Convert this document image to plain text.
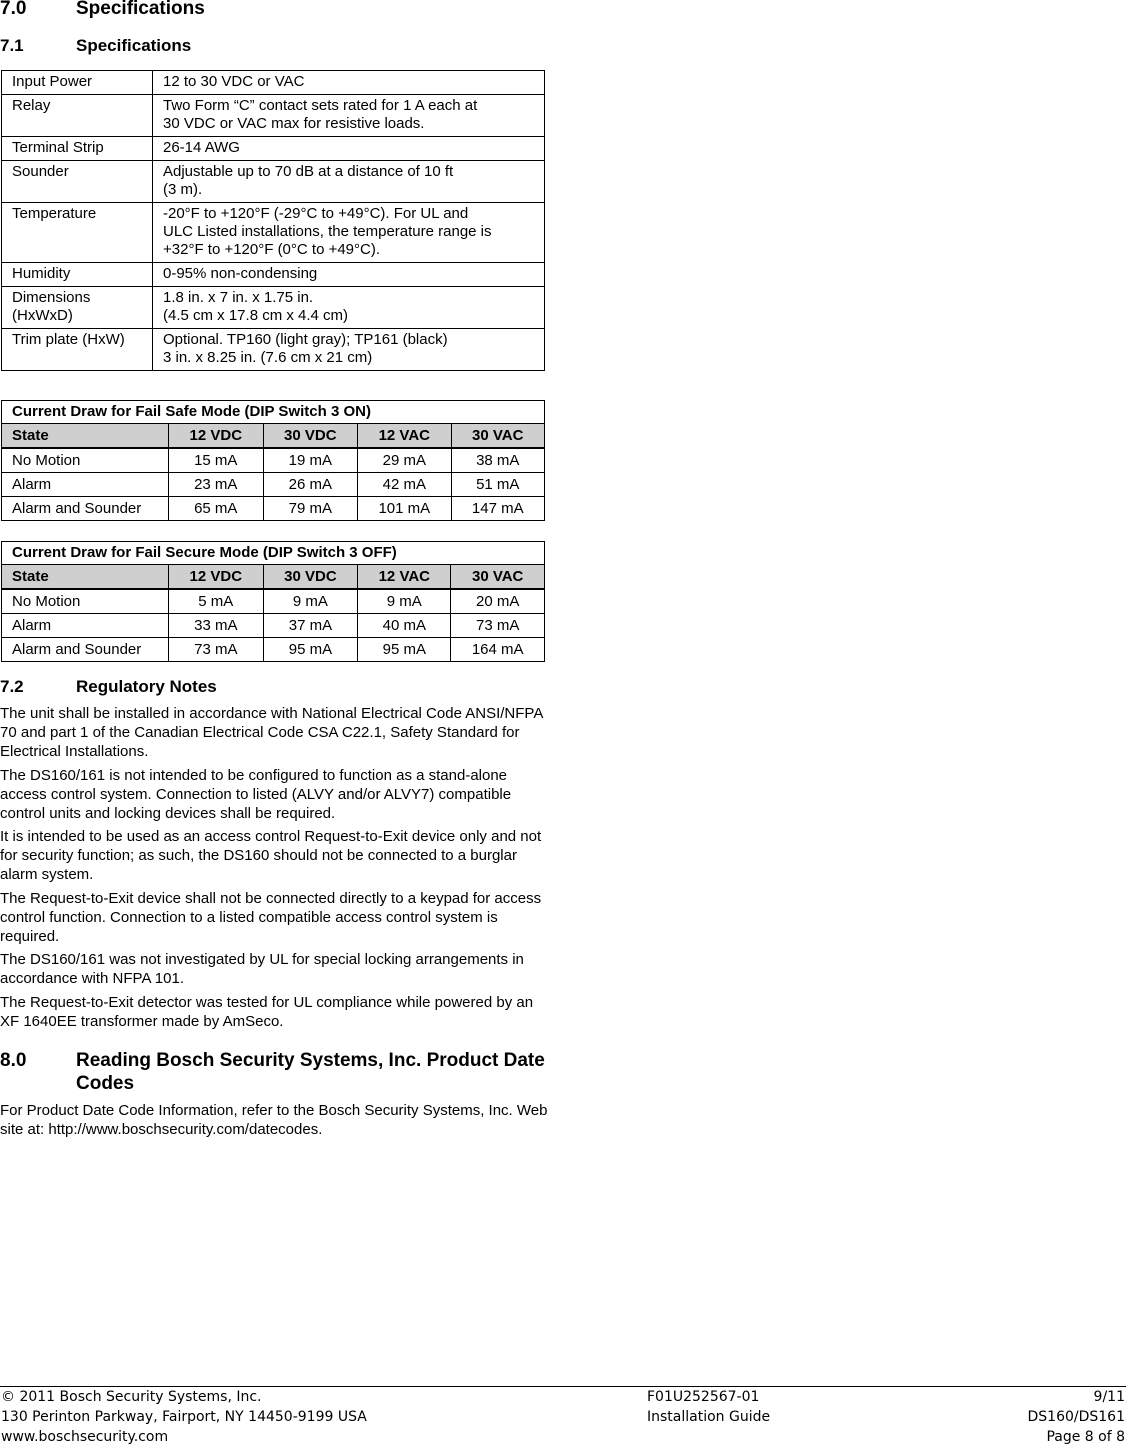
7.0	Specifications
7.1	Specifications
Input Power	12 to 30 VDC or VAC
Relay	Two Form “C” contact sets rated for 1 A each at
30 VDC or VAC max for resistive loads.
Terminal Strip	26-14 AWG
Sounder	Adjustable up to 70 dB at a distance of 10 ft
(3 m).
Temperature	-20°F to +120°F (-29°C to +49°C). For UL and
ULC Listed installations, the temperature range is
+32°F to +120°F (0°C to +49°C).
Humidity	0-95% non-condensing
Dimensions
(HxWxD)	1.8 in. x 7 in. x 1.75 in.
(4.5 cm x 17.8 cm x 4.4 cm)
Trim plate (HxW)	Optional. TP160 (light gray); TP161 (black)
3 in. x 8.25 in. (7.6 cm x 21 cm)
Current Draw for Fail Safe Mode (DIP Switch 3 ON)				
State	12 VDC	30 VDC	12 VAC	30 VAC
No Motion	15 mA	19 mA	29 mA	38 mA
Alarm	23 mA	26 mA	42 mA	51 mA
Alarm and Sounder	65 mA	79 mA	101 mA	147 mA
Current Draw for Fail Secure Mode (DIP Switch 3 OFF)				
State	12 VDC	30 VDC	12 VAC	30 VAC
No Motion	5 mA	9 mA	9 mA	20 mA
Alarm	33 mA	37 mA	40 mA	73 mA
Alarm and Sounder	73 mA	95 mA	95 mA	164 mA
7.2	Regulatory Notes

The unit shall be installed in accordance with National Electrical Code ANSI/NFPA 70 and part 1 of the Canadian Electrical Code CSA C22.1, Safety Standard for Electrical Installations.

The DS160/161 is not intended to be configured to function as a stand-alone access control system. Connection to listed (ALVY and/or ALVY7) compatible control units and locking devices shall be required.

It is intended to be used as an access control Request-to-Exit device only and not for security function; as such, the DS160 should not be connected to a burglar alarm system.

The Request-to-Exit device shall not be connected directly to a keypad for access control function. Connection to a listed compatible access control system is required.

The DS160/161 was not investigated by UL for special locking arrangements in accordance with NFPA 101.

The Request-to-Exit detector was tested for UL compliance while powered by an XF 1640EE transformer made by AmSeco.

8.0	Reading Bosch Security Systems, Inc. Product Date Codes

For Product Date Code Information, refer to the Bosch Security Systems, Inc. Web site at: http://www.boschsecurity.com/datecodes.

© 2011 Bosch Security Systems, Inc.	F01U252567-01	9/11
130 Perinton Parkway, Fairport, NY 14450-9199 USA	Installation Guide	DS160/DS161
www.boschsecurity.com	Page 8 of 8
